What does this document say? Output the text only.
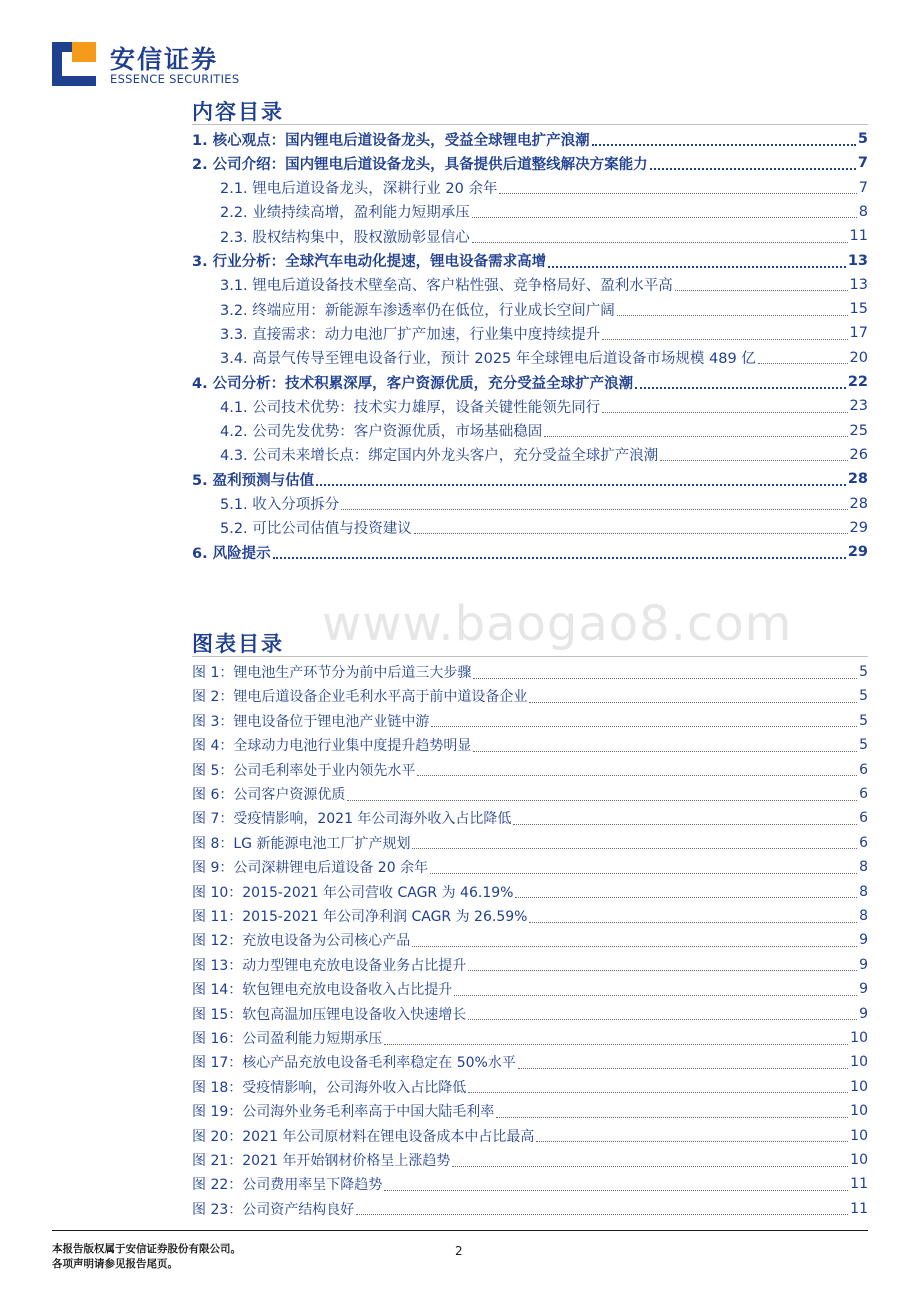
安信证券
ESSENCE SECURITIES
内容目录
1. 核心观点：国内锂电后道设备龙头，受益全球锂电扩产浪潮	5
2. 公司介绍：国内锂电后道设备龙头，具备提供后道整线解决方案能力	7
2.1. 锂电后道设备龙头，深耕行业 20 余年	7
2.2. 业绩持续高增，盈利能力短期承压	8
2.3. 股权结构集中，股权激励彰显信心	11
3. 行业分析：全球汽车电动化提速，锂电设备需求高增	13
3.1. 锂电后道设备技术壁垒高、客户粘性强、竞争格局好、盈利水平高	13
3.2. 终端应用：新能源车渗透率仍在低位，行业成长空间广阔	15
3.3. 直接需求：动力电池厂扩产加速，行业集中度持续提升	17
3.4. 高景气传导至锂电设备行业，预计 2025 年全球锂电后道设备市场规模 489 亿	20
4. 公司分析：技术积累深厚，客户资源优质，充分受益全球扩产浪潮	22
4.1. 公司技术优势：技术实力雄厚，设备关键性能领先同行	23
4.2. 公司先发优势：客户资源优质，市场基础稳固	25
4.3. 公司未来增长点：绑定国内外龙头客户，充分受益全球扩产浪潮	26
5. 盈利预测与估值	28
5.1. 收入分项拆分	28
5.2. 可比公司估值与投资建议	29
6. 风险提示	29
www.baogao8.com
图表目录
图 1：锂电池生产环节分为前中后道三大步骤	5
图 2：锂电后道设备企业毛利水平高于前中道设备企业	5
图 3：锂电设备位于锂电池产业链中游	5
图 4：全球动力电池行业集中度提升趋势明显	5
图 5：公司毛利率处于业内领先水平	6
图 6：公司客户资源优质	6
图 7：受疫情影响，2021 年公司海外收入占比降低	6
图 8：LG 新能源电池工厂扩产规划	6
图 9：公司深耕锂电后道设备 20 余年	8
图 10：2015-2021 年公司营收 CAGR 为 46.19%	8
图 11：2015-2021 年公司净利润 CAGR 为 26.59%	8
图 12：充放电设备为公司核心产品	9
图 13：动力型锂电充放电设备业务占比提升	9
图 14：软包锂电充放电设备收入占比提升	9
图 15：软包高温加压锂电设备收入快速增长	9
图 16：公司盈利能力短期承压	10
图 17：核心产品充放电设备毛利率稳定在 50%水平	10
图 18：受疫情影响，公司海外收入占比降低	10
图 19：公司海外业务毛利率高于中国大陆毛利率	10
图 20：2021 年公司原材料在锂电设备成本中占比最高	10
图 21：2021 年开始钢材价格呈上涨趋势	10
图 22：公司费用率呈下降趋势	11
图 23：公司资产结构良好	11
本报告版权属于安信证券股份有限公司。
各项声明请参见报告尾页。
2
